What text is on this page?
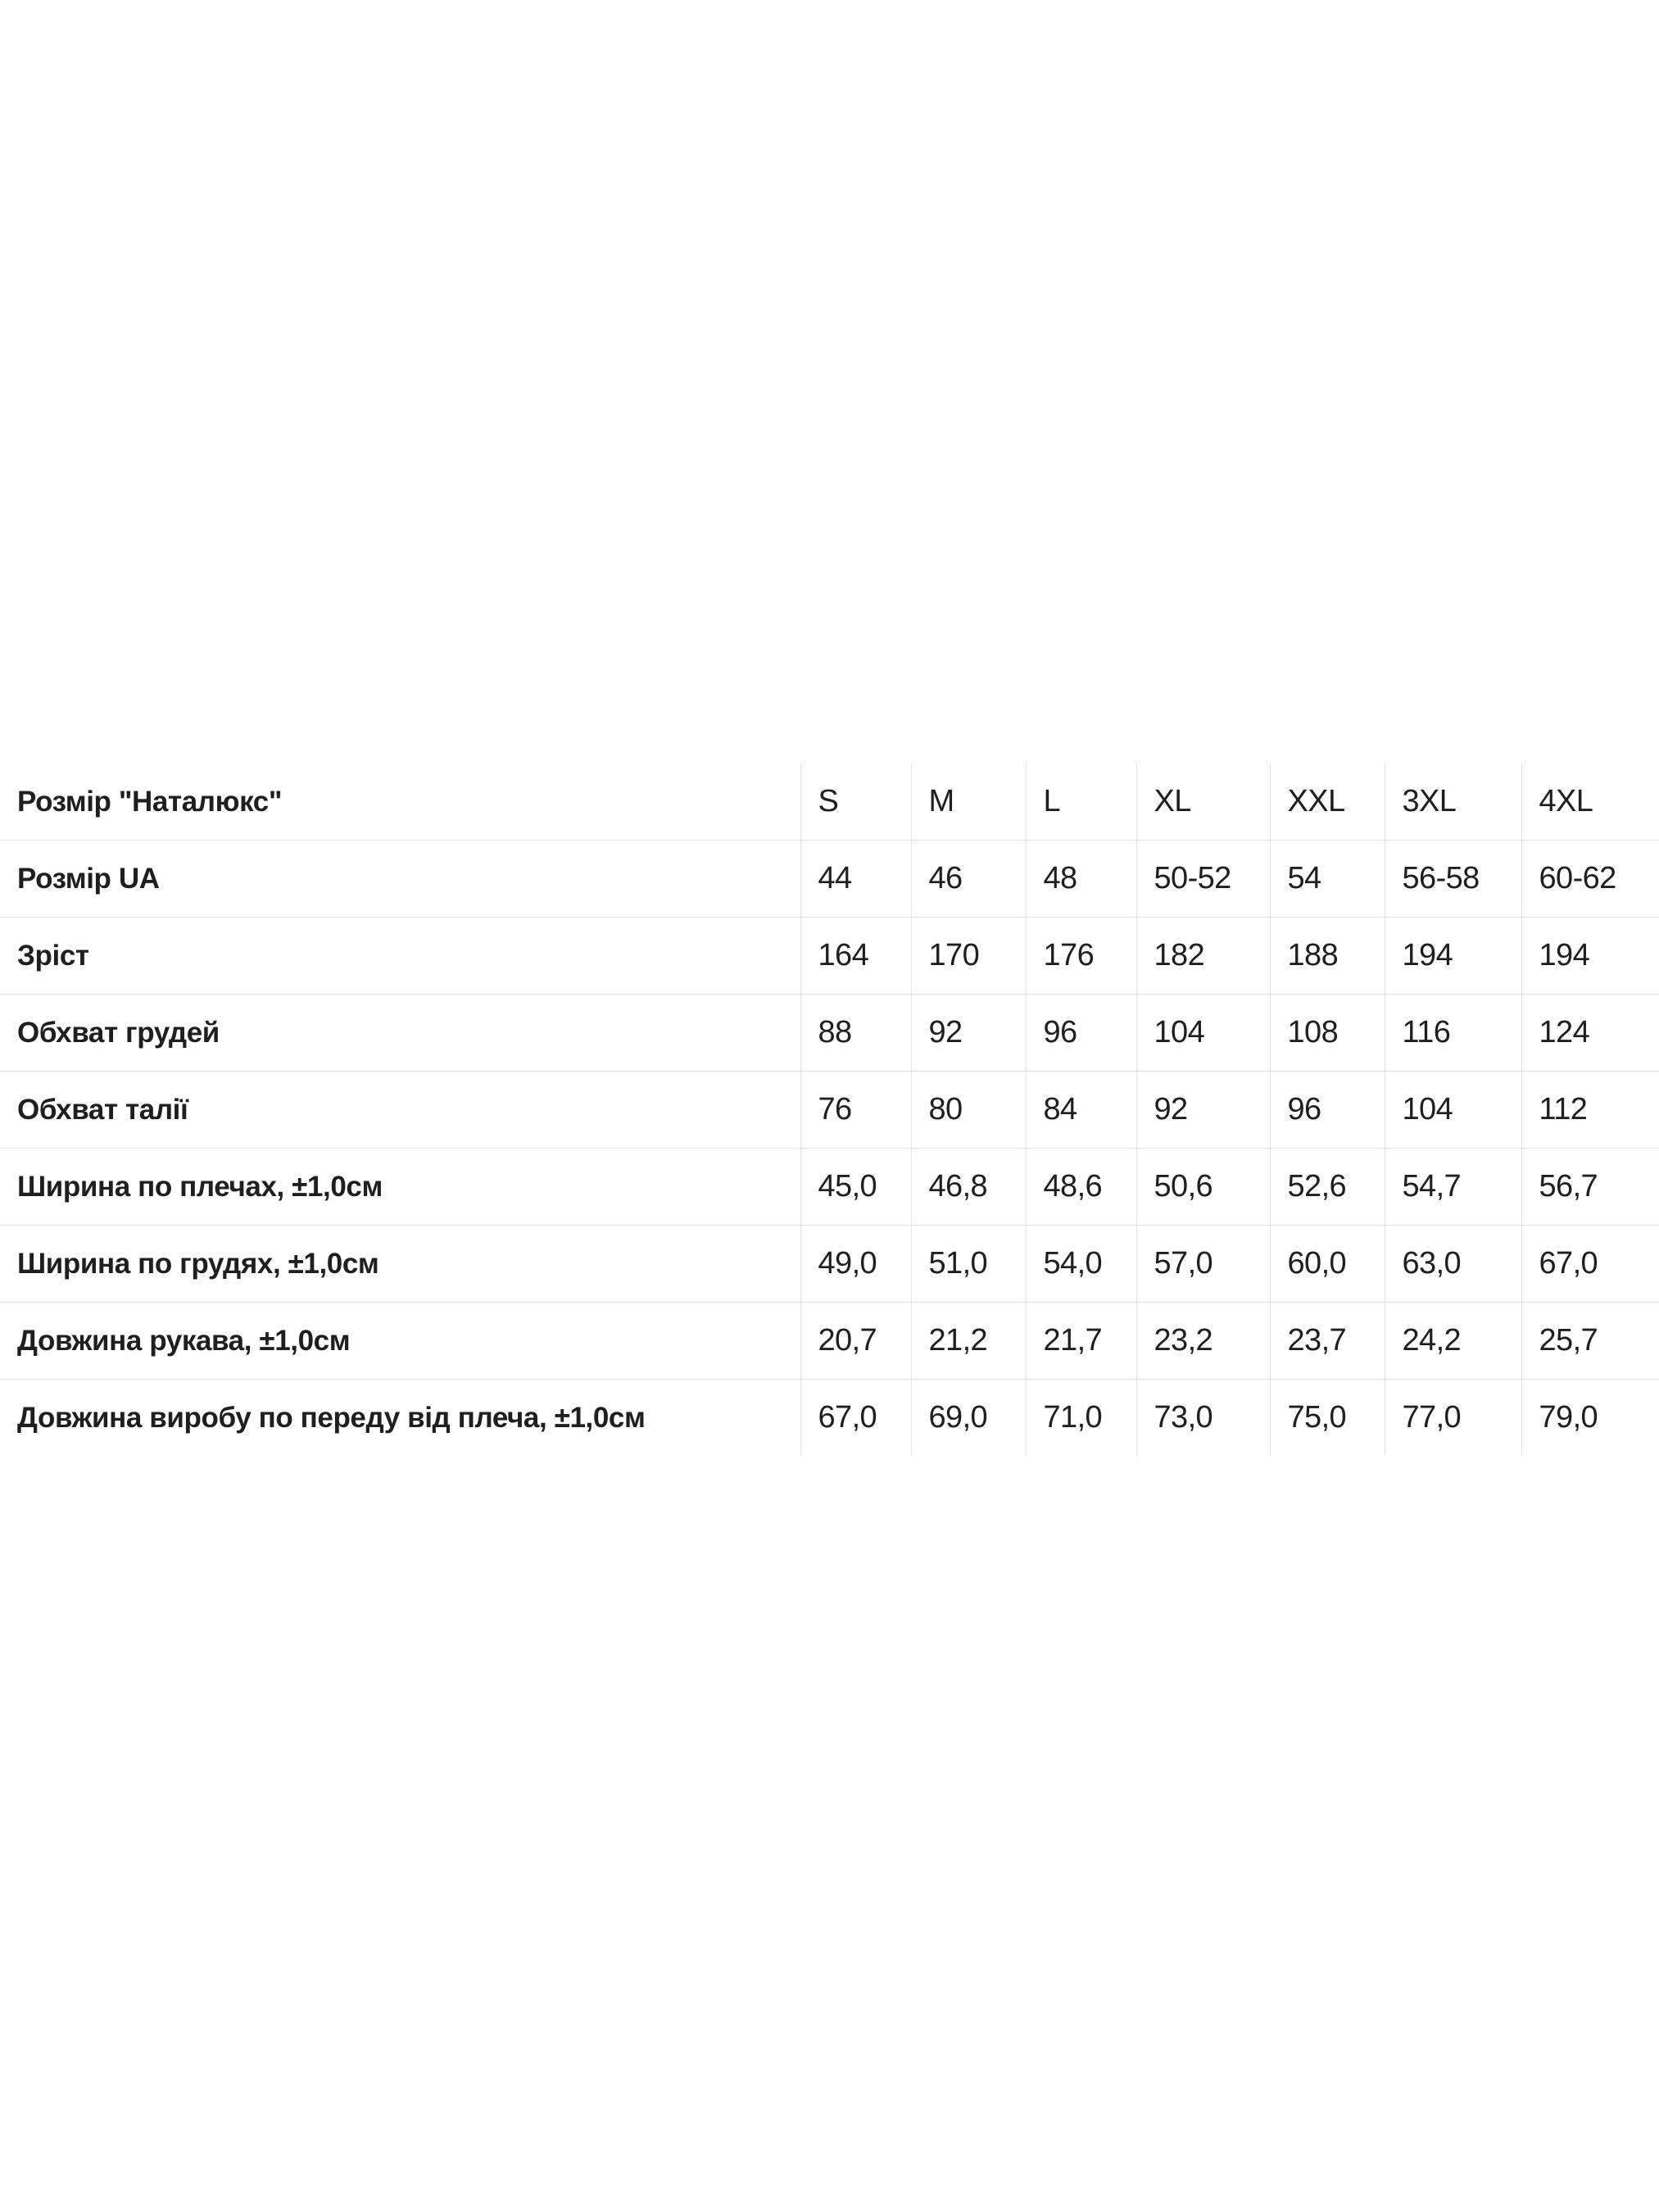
Розмір "Наталюкс"	S	M	L	XL	XXL	3XL	4XL
Розмір UA	44	46	48	50-52	54	56-58	60-62
Зріст	164	170	176	182	188	194	194
Обхват грудей	88	92	96	104	108	116	124
Обхват талії	76	80	84	92	96	104	112
Ширина по плечах, ±1,0см	45,0	46,8	48,6	50,6	52,6	54,7	56,7
Ширина по грудях, ±1,0см	49,0	51,0	54,0	57,0	60,0	63,0	67,0
Довжина рукава, ±1,0см	20,7	21,2	21,7	23,2	23,7	24,2	25,7
Довжина виробу по переду від плеча, ±1,0см	67,0	69,0	71,0	73,0	75,0	77,0	79,0
